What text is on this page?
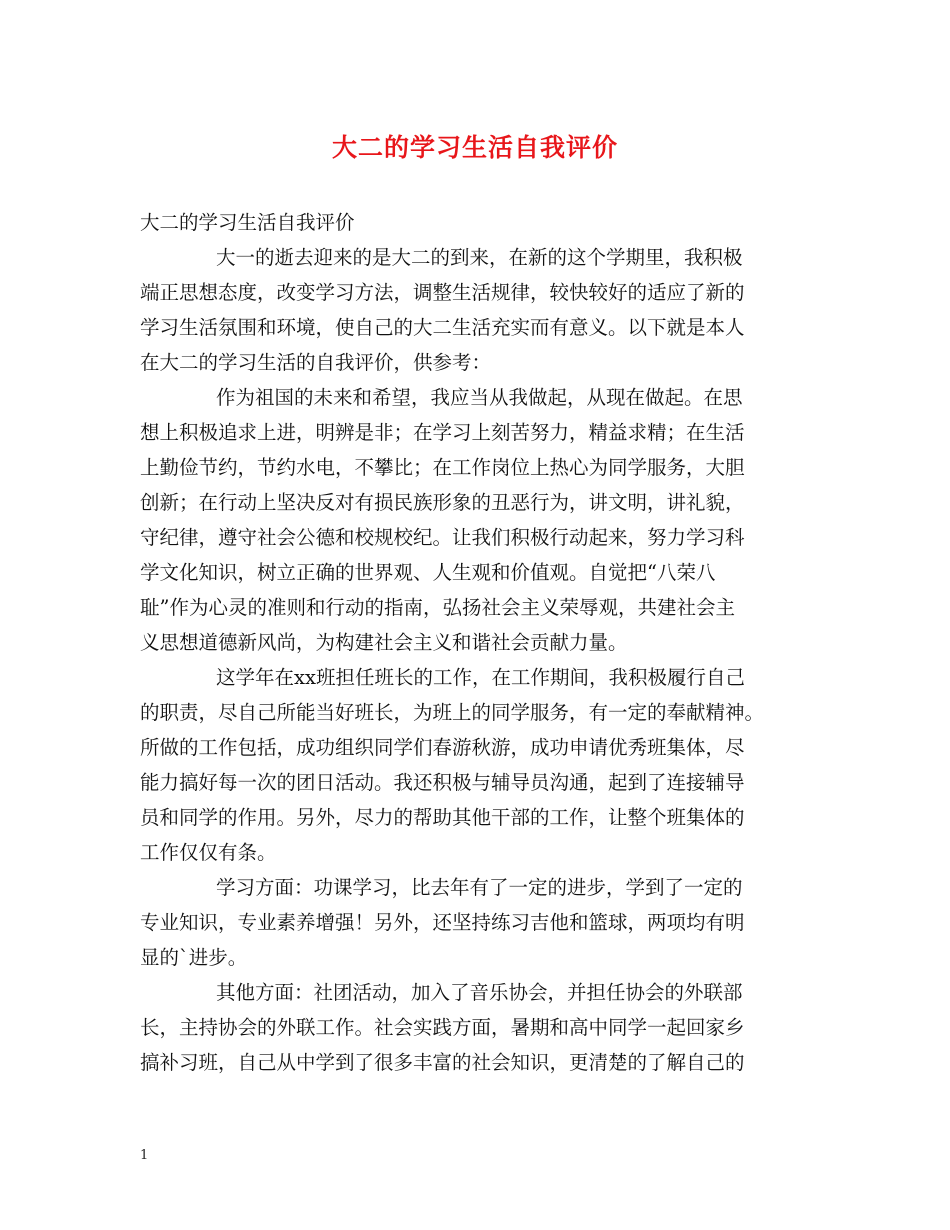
大二的学习生活自我评价
大二的学习生活自我评价
大一的逝去迎来的是大二的到来，在新的这个学期里，我积极
端正思想态度，改变学习方法，调整生活规律，较快较好的适应了新的
学习生活氛围和环境，使自己的大二生活充实而有意义。以下就是本人
在大二的学习生活的自我评价，供参考：
作为祖国的未来和希望，我应当从我做起，从现在做起。在思
想上积极追求上进，明辨是非；在学习上刻苦努力，精益求精；在生活
上勤俭节约，节约水电，不攀比；在工作岗位上热心为同学服务，大胆
创新；在行动上坚决反对有损民族形象的丑恶行为，讲文明，讲礼貌，
守纪律，遵守社会公德和校规校纪。让我们积极行动起来，努力学习科
学文化知识，树立正确的世界观、人生观和价值观。自觉把“八荣八
耻”作为心灵的准则和行动的指南，弘扬社会主义荣辱观，共建社会主
义思想道德新风尚，为构建社会主义和谐社会贡献力量。
这学年在xx班担任班长的工作，在工作期间，我积极履行自己
的职责，尽自己所能当好班长，为班上的同学服务，有一定的奉献精神。
所做的工作包括，成功组织同学们春游秋游，成功申请优秀班集体，尽
能力搞好每一次的团日活动。我还积极与辅导员沟通，起到了连接辅导
员和同学的作用。另外，尽力的帮助其他干部的工作，让整个班集体的
工作仅仅有条。
学习方面：功课学习，比去年有了一定的进步，学到了一定的
专业知识，专业素养增强！另外，还坚持练习吉他和篮球，两项均有明
显的`进步。
其他方面：社团活动，加入了音乐协会，并担任协会的外联部
长，主持协会的外联工作。社会实践方面，暑期和高中同学一起回家乡
搞补习班，自己从中学到了很多丰富的社会知识，更清楚的了解自己的
1
